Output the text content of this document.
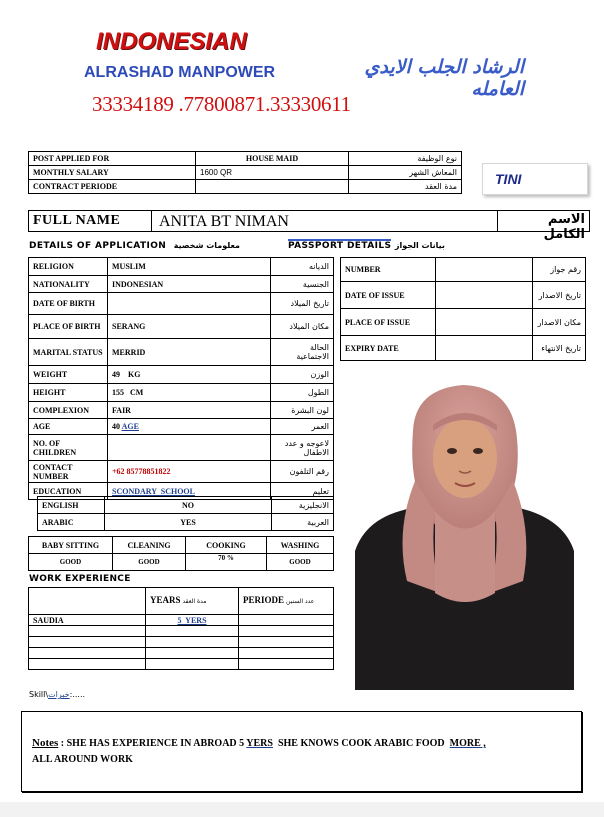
INDONESIAN
ALRASHAD MANPOWER	الرشاد الجلب الايدي العامله
33334189 .77800871.33330611
POST APPLIED FOR	HOUSE MAID	نوع الوظيفة
MONTHLY SALARY	1600 QR	المعاش الشهر
CONTRACT PERIODE		مدة العقد	TINI
FULL NAME ANITA BT NIMAN	الاسم الكامل
DETAILS OF APPLICATION معلومات شخصية	PASSPORT DETAILS بيانات الجواز
RELIGION	MUSLIM	الديانه
NATIONALITY	INDONESIAN	الجنسية
DATE OF BIRTH		تاريخ الميلاد
PLACE OF BIRTH	SERANG	مكان الميلاد
MARITAL STATUS	MERRID	الحالة الاجتماعية
WEIGHT	49    KG	الوزن
HEIGHT	155   CM	الطول
COMPLEXION	FAIR	لون البشرة
AGE	40 AGE	العمر
NO. OF CHILDREN		لاعوجه و عدد الاطفال
CONTACT NUMBER	+62 85778851822	رقم التلفون
EDUCATION	SCONDARY  SCHOOL	تعليم
ENGLISH	NO	الانجليزية
ARABIC	YES	العربية
NUMBER		رقم جواز
DATE OF ISSUE		تاريخ الاصدار
PLACE OF ISSUE		مكان الاصدار
EXPIRY DATE		تاريخ الانتهاء
BABY SITTING	CLEANING	COOKING	WASHING
GOOD	GOOD	70 %	GOOD
WORK EXPERIENCE
	YEARS مدة العقد	PERIODE عدد السنين
SAUDIA	5  YERS	

Skill\خبرات:.....

Notes : SHE HAS EXPERIENCE IN ABROAD 5 YERS  SHE KNOWS COOK ARABIC FOOD  MORE ,
ALL AROUND WORK
